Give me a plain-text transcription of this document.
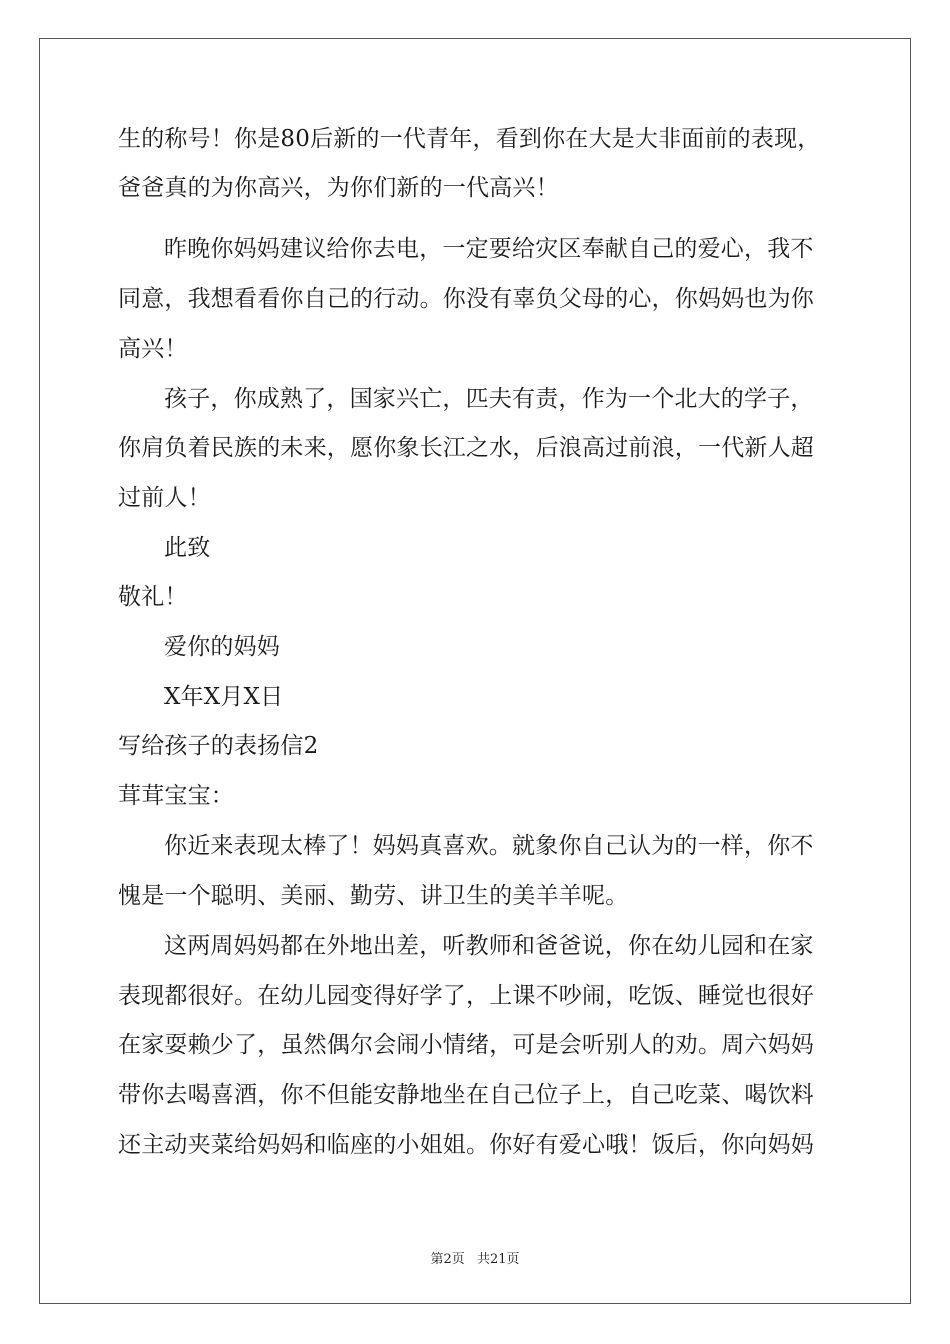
生的称号！你是80后新的一代青年，看到你在大是大非面前的表现，
爸爸真的为你高兴，为你们新的一代高兴！
昨晚你妈妈建议给你去电，一定要给灾区奉献自己的爱心，我不
同意，我想看看你自己的行动。你没有辜负父母的心，你妈妈也为你
高兴！
孩子，你成熟了，国家兴亡，匹夫有责，作为一个北大的学子，
你肩负着民族的未来，愿你象长江之水，后浪高过前浪，一代新人超
过前人！
此致
敬礼！
爱你的妈妈
X年X月X日
写给孩子的表扬信2
茸茸宝宝：
你近来表现太棒了！妈妈真喜欢。就象你自己认为的一样，你不
愧是一个聪明、美丽、勤劳、讲卫生的美羊羊呢。
这两周妈妈都在外地出差，听教师和爸爸说，你在幼儿园和在家
表现都很好。在幼儿园变得好学了，上课不吵闹，吃饭、睡觉也很好
在家耍赖少了，虽然偶尔会闹小情绪，可是会听别人的劝。周六妈妈
带你去喝喜酒，你不但能安静地坐在自己位子上，自己吃菜、喝饮料
还主动夹菜给妈妈和临座的小姐姐。你好有爱心哦！饭后，你向妈妈
第2页 共21页
